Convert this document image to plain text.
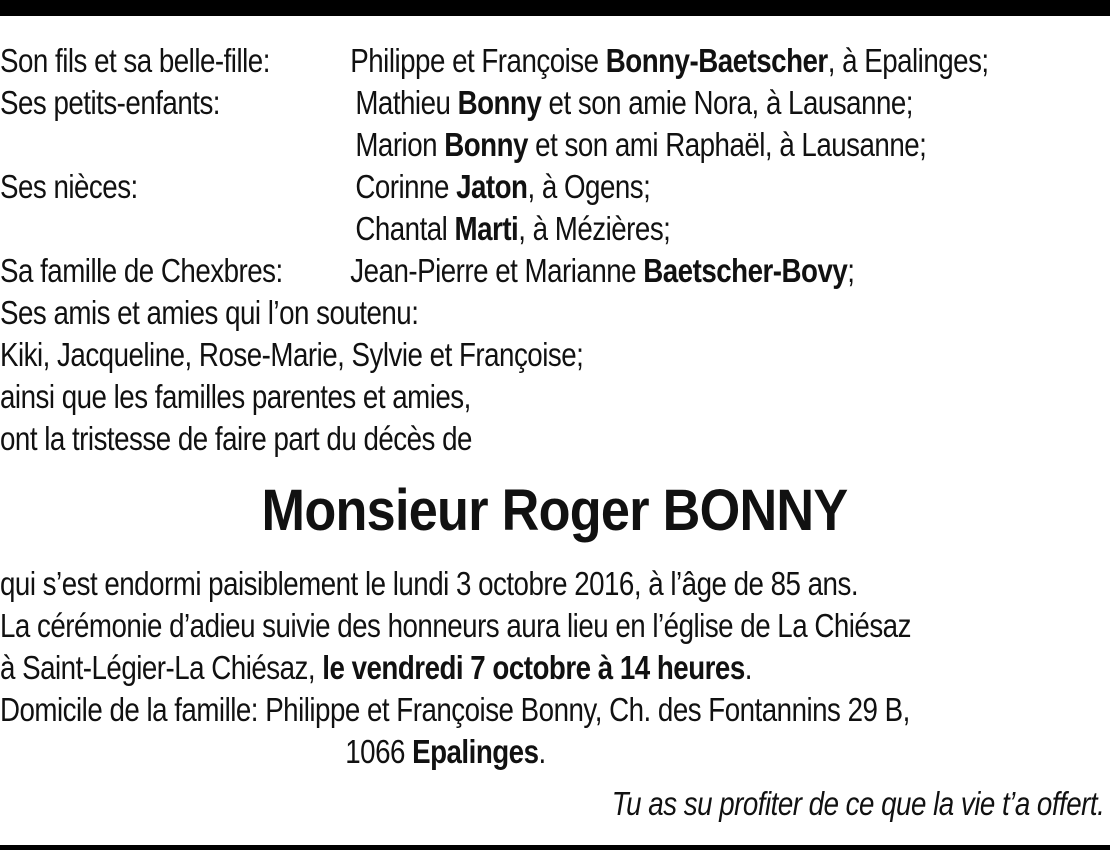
Son fils et sa belle-fille: Philippe et Françoise Bonny-Baetscher, à Epalinges;
Ses petits-enfants:	Mathieu Bonny et son amie Nora, à Lausanne;
Marion Bonny et son ami Raphaël, à Lausanne;
Ses nièces:	Corinne Jaton, à Ogens;
Chantal Marti, à Mézières;
Sa famille de Chexbres: Jean-Pierre et Marianne Baetscher-Bovy;
Ses amis et amies qui l’on soutenu:
Kiki, Jacqueline, Rose-Marie, Sylvie et Françoise;
ainsi que les familles parentes et amies,
ont la tristesse de faire part du décès de
Monsieur Roger BONNY
qui s’est endormi paisiblement le lundi 3 octobre 2016, à l’âge de 85 ans.
La cérémonie d’adieu suivie des honneurs aura lieu en l’église de La Chiésaz
à Saint-Légier-La Chiésaz, le vendredi 7 octobre à 14 heures.
Domicile de la famille: Philippe et Françoise Bonny, Ch. des Fontannins 29 B,
1066 Epalinges.
Tu as su profiter de ce que la vie t’a offert.
